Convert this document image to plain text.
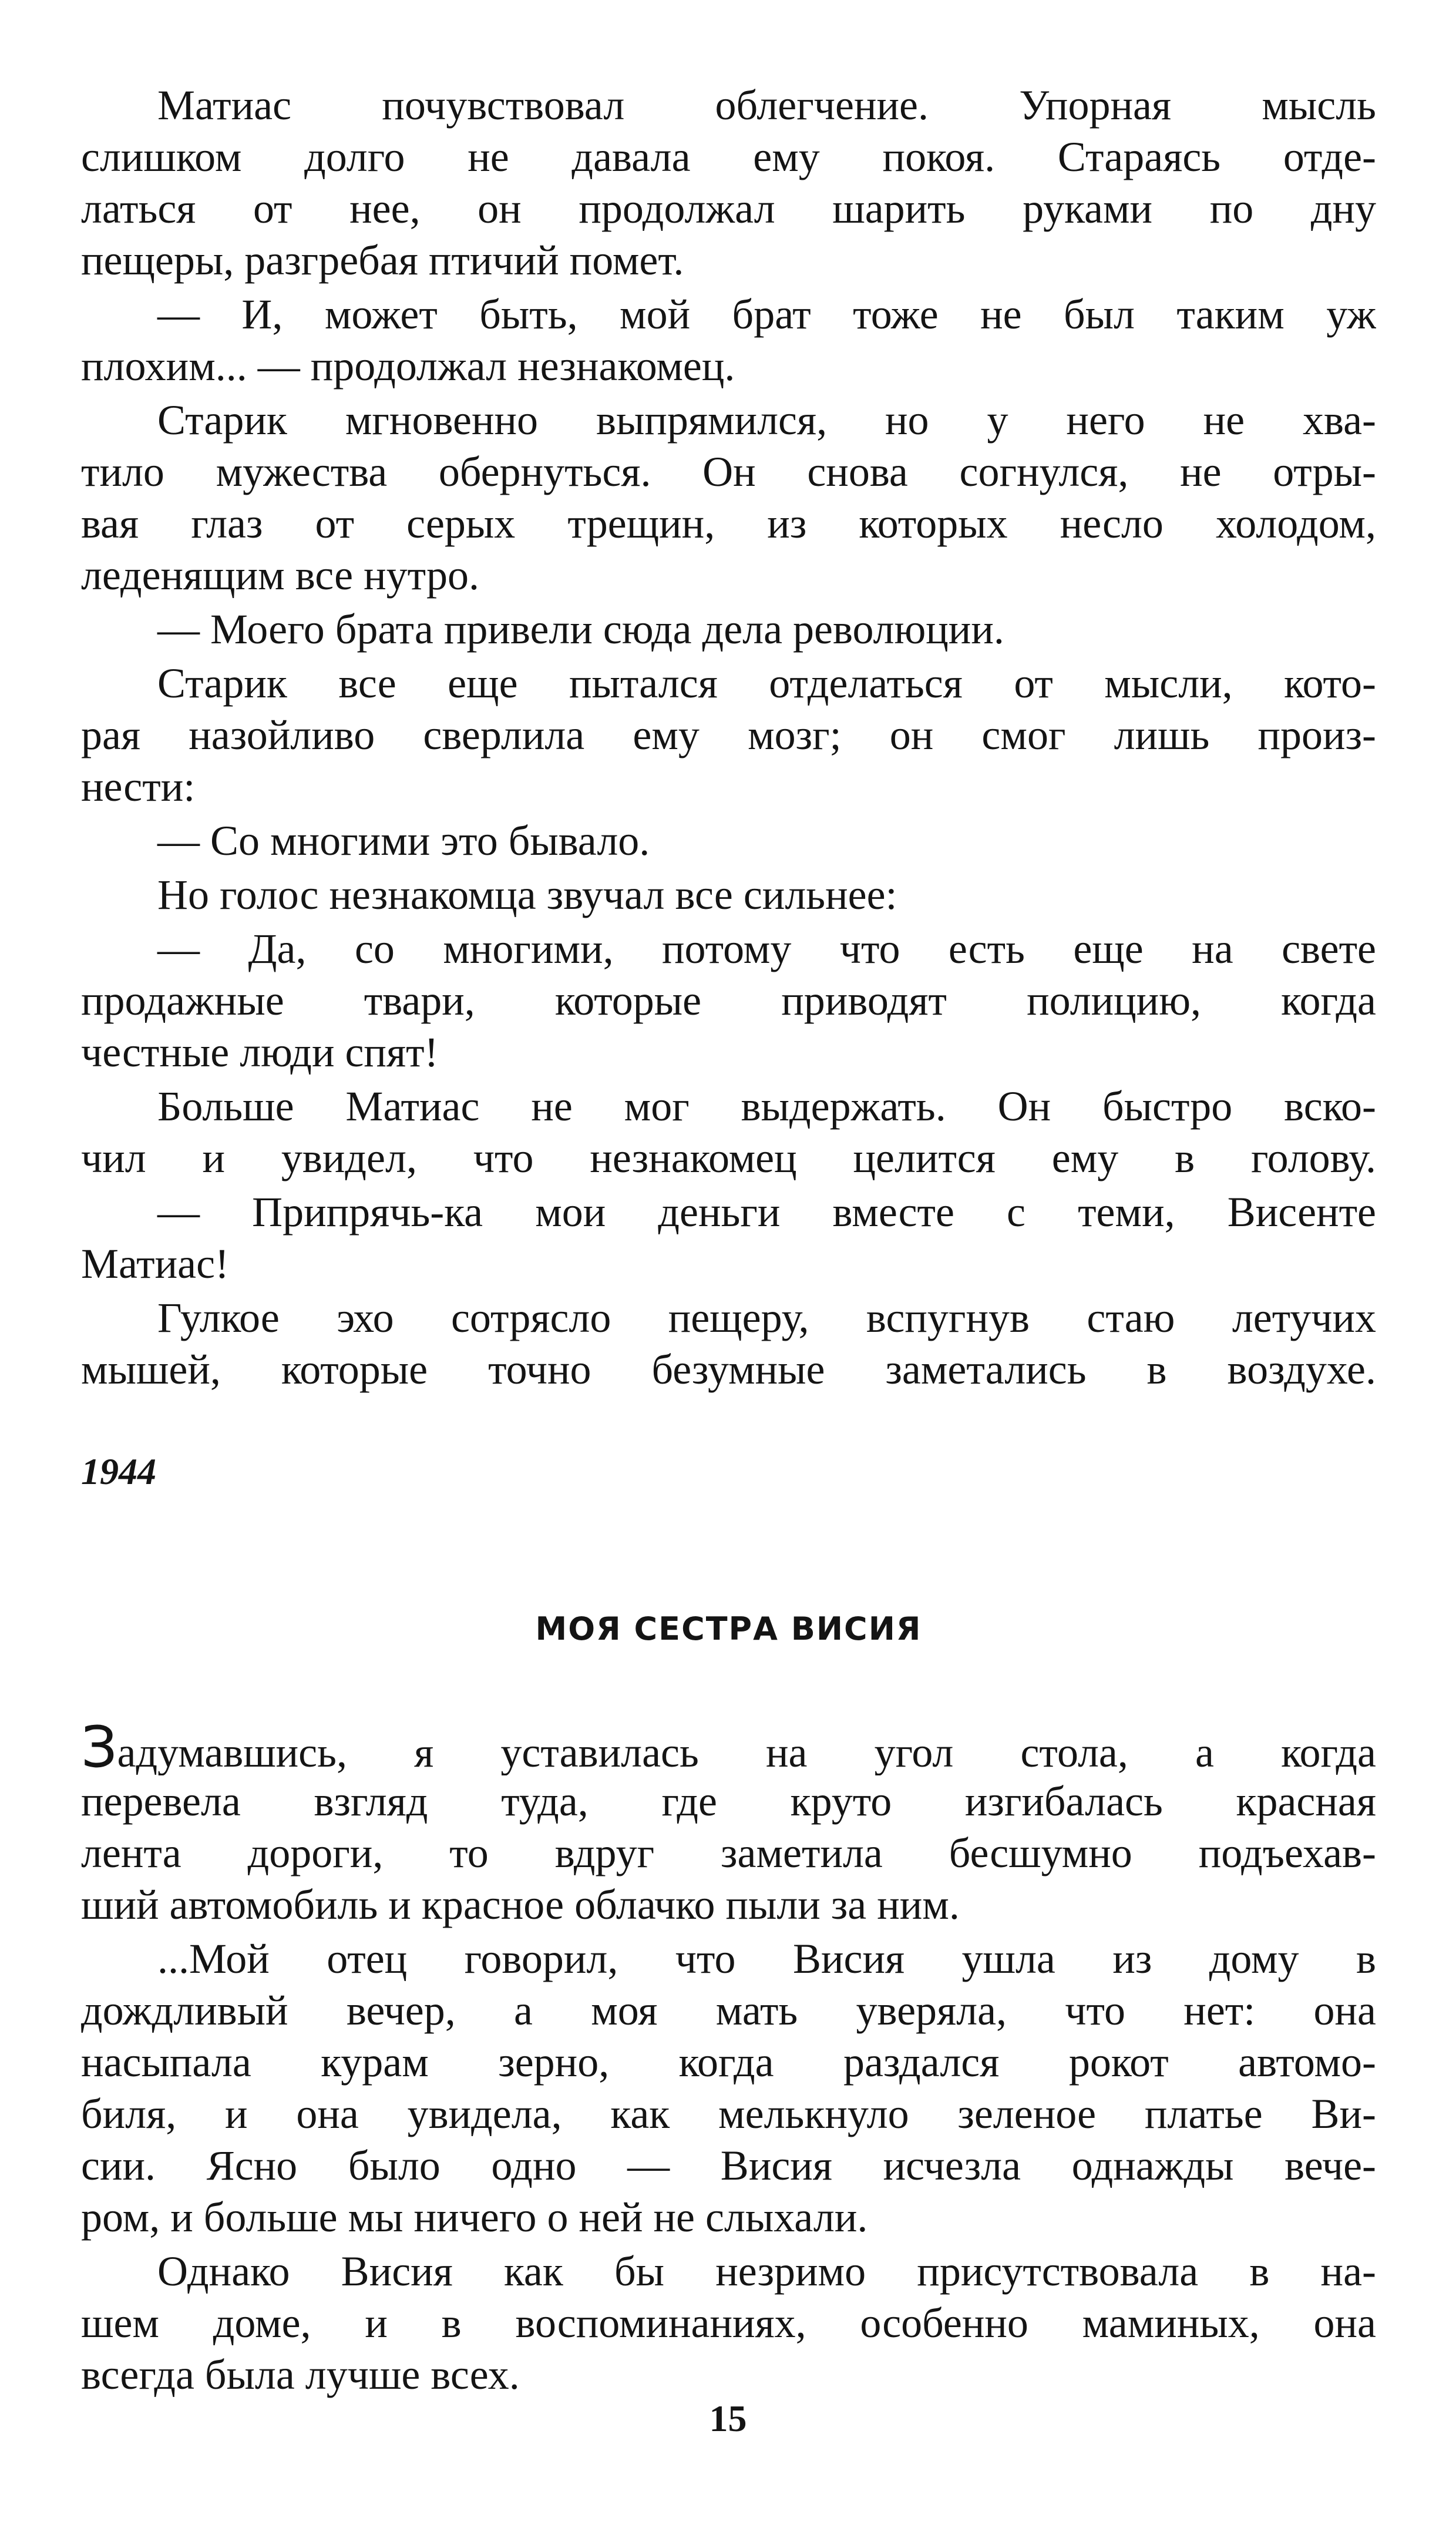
Матиас почувствовал облегчение. Упорная мысль
слишком долго не давала ему покоя. Стараясь отде-
латься от нее, он продолжал шарить руками по дну
пещеры, разгребая птичий помет.
— И, может быть, мой брат тоже не был таким уж
плохим... — продолжал незнакомец.
Старик мгновенно выпрямился, но у него не хва-
тило мужества обернуться. Он снова согнулся, не отры-
вая глаз от серых трещин, из которых несло холодом,
леденящим все нутро.
— Моего брата привели сюда дела революции.
Старик все еще пытался отделаться от мысли, кото-
рая назойливо сверлила ему мозг; он смог лишь произ-
нести:
— Со многими это бывало.
Но голос незнакомца звучал все сильнее:
— Да, со многими, потому что есть еще на свете
продажные твари, которые приводят полицию, когда
честные люди спят!
Больше Матиас не мог выдержать. Он быстро вско-
чил и увидел, что незнакомец целится ему в голову.
— Припрячь-ка мои деньги вместе с теми, Висенте
Матиас!
Гулкое эхо сотрясло пещеру, вспугнув стаю летучих
мышей, которые точно безумные заметались в воздухе.
1944
МОЯ СЕСТРА ВИСИЯ
Задумавшись, я уставилась на угол стола, а когда
перевела взгляд туда, где круто изгибалась красная
лента дороги, то вдруг заметила бесшумно подъехав-
ший автомобиль и красное облачко пыли за ним.
...Мой отец говорил, что Висия ушла из дому в
дождливый вечер, а моя мать уверяла, что нет: она
насыпала курам зерно, когда раздался рокот автомо-
биля, и она увидела, как мелькнуло зеленое платье Ви-
сии. Ясно было одно — Висия исчезла однажды вече-
ром, и больше мы ничего о ней не слыхали.
Однако Висия как бы незримо присутствовала в на-
шем доме, и в воспоминаниях, особенно маминых, она
всегда была лучше всех.
15
